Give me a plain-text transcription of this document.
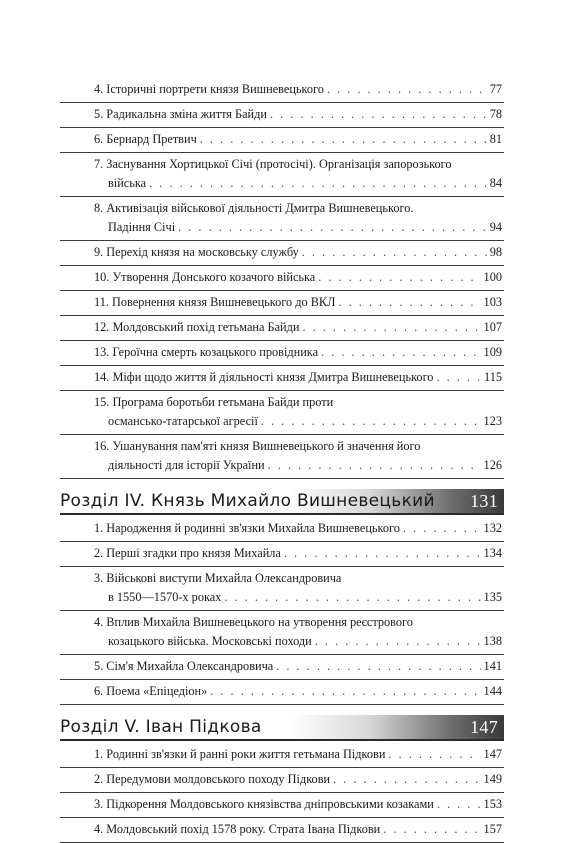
4. Історичні портрети князя Вишневецького . . .	77
5. Радикальна зміна життя Байди . . .	78
6. Бернард Претвич . . .	81
7. Заснування Хортицької Січі (протосічі). Організація запорозького
війська . . .	84
8. Активізація військової діяльності Дмитра Вишневецького.
Падіння Січі . . .	94
9. Перехід князя на московську службу . . .	98
10. Утворення Донського козачого війська . . .	100
11. Повернення князя Вишневецького до ВКЛ . . .	103
12. Молдовський похід гетьмана Байди . . .	107
13. Героїчна смерть козацького провідника . . .	109
14. Міфи щодо життя й діяльності князя Дмитра Вишневецького . . .	115
15. Програма боротьби гетьмана Байди проти
османсько-татарської агресії . . .	123
16. Ушанування пам'яті князя Вишневецького й значення його
діяльності для історії України . . .	126
Розділ IV. Князь Михайло Вишневецький 131
1. Народження й родинні зв'язки Михайла Вишневецького . . .	132
2. Перші згадки про князя Михайла . . .	134
3. Військові виступи Михайла Олександровича
в 1550—1570-х роках . . .	135
4. Вплив Михайла Вишневецького на утворення реєстрового
козацького війська. Московські походи . . .	138
5. Сім'я Михайла Олександровича . . .	141
6. Поема «Епіцедіон» . . .	144
Розділ V. Іван Підкова	147
1. Родинні зв'язки й ранні роки життя гетьмана Підкови . . .	147
2. Передумови молдовського походу Підкови . . .	149
3. Підкорення Молдовського князівства дніпровськими козаками . . .	153
4. Молдовський похід 1578 року. Страта Івана Підкови . . .	157
